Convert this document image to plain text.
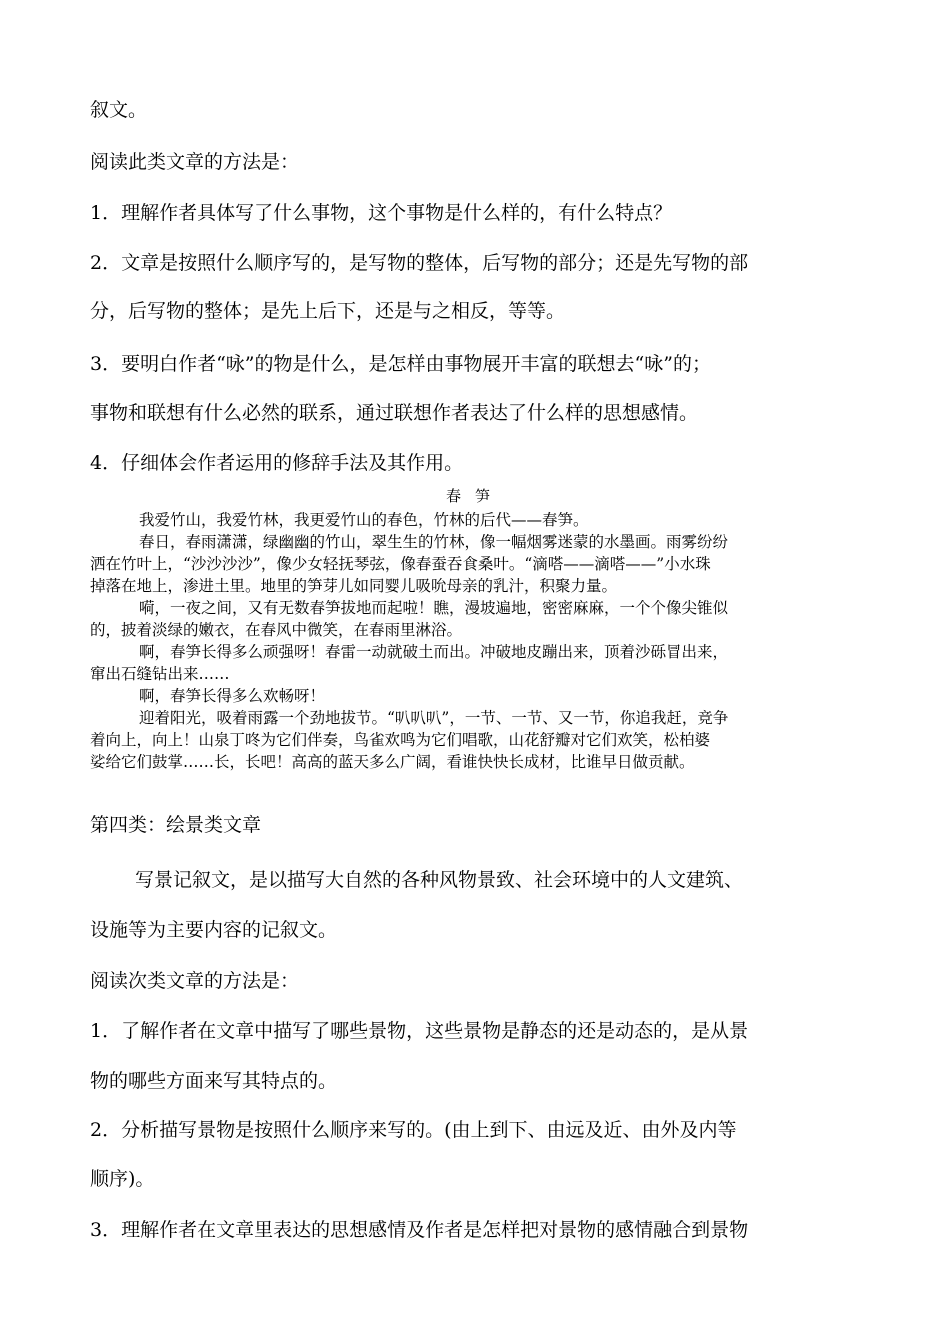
叙文。
阅读此类文章的方法是：
1．理解作者具体写了什么事物，这个事物是什么样的，有什么特点？
2．文章是按照什么顺序写的，是写物的整体，后写物的部分；还是先写物的部
分，后写物的整体；是先上后下，还是与之相反，等等。
3．要明白作者“咏”的物是什么，是怎样由事物展开丰富的联想去“咏”的；
事物和联想有什么必然的联系，通过联想作者表达了什么样的思想感情。
4．仔细体会作者运用的修辞手法及其作用。
春笋
我爱竹山，我爱竹林，我更爱竹山的春色，竹林的后代——春笋。
春日，春雨潇潇，绿幽幽的竹山，翠生生的竹林，像一幅烟雾迷蒙的水墨画。雨雾纷纷
洒在竹叶上，“沙沙沙沙”，像少女轻抚琴弦，像春蚕吞食桑叶。“滴嗒——滴嗒——”小水珠
掉落在地上，渗进土里。地里的笋芽儿如同婴儿吸吮母亲的乳汁，积聚力量。
嗬，一夜之间，又有无数春笋拔地而起啦！瞧，漫坡遍地，密密麻麻，一个个像尖锥似
的，披着淡绿的嫩衣，在春风中微笑，在春雨里淋浴。
啊，春笋长得多么顽强呀！春雷一动就破土而出。冲破地皮蹦出来，顶着沙砾冒出来，
窜出石缝钻出来……
啊，春笋长得多么欢畅呀！
迎着阳光，吸着雨露一个劲地拔节。“叭叭叭”，一节、一节、又一节，你追我赶，竞争
着向上，向上！山泉丁咚为它们伴奏，鸟雀欢鸣为它们唱歌，山花舒瓣对它们欢笑，松柏婆
娑给它们鼓掌……长，长吧！高高的蓝天多么广阔，看谁快快长成材，比谁早日做贡献。
第四类：绘景类文章
写景记叙文，是以描写大自然的各种风物景致、社会环境中的人文建筑、
设施等为主要内容的记叙文。
阅读次类文章的方法是：
1．了解作者在文章中描写了哪些景物，这些景物是静态的还是动态的，是从景
物的哪些方面来写其特点的。
2．分析描写景物是按照什么顺序来写的。(由上到下、由远及近、由外及内等
顺序)。
3．理解作者在文章里表达的思想感情及作者是怎样把对景物的感情融合到景物
